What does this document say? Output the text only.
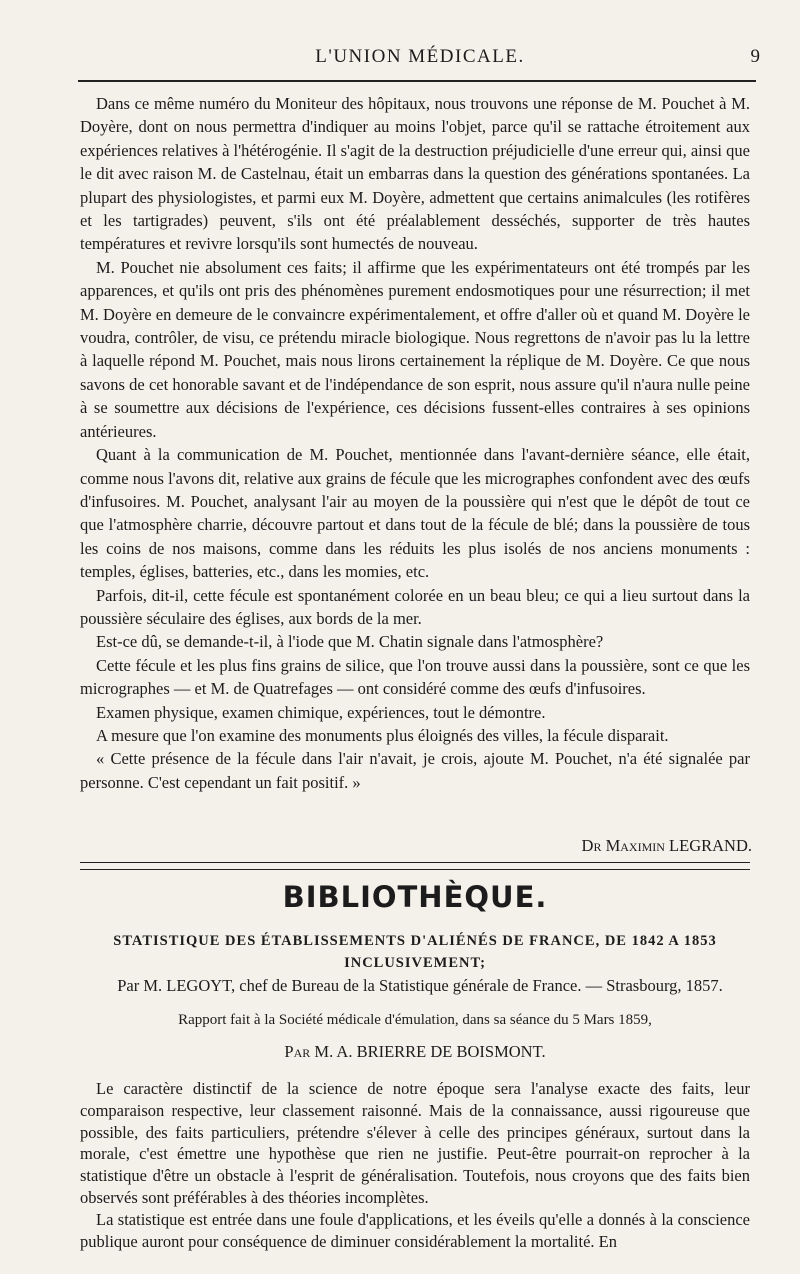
L'UNION MÉDICALE.	9

Dans ce même numéro du Moniteur des hôpitaux, nous trouvons une réponse de M. Pouchet à M. Doyère, dont on nous permettra d'indiquer au moins l'objet, parce qu'il se rattache étroitement aux expériences relatives à l'hétérogénie. Il s'agit de la destruction préjudicielle d'une erreur qui, ainsi que le dit avec raison M. de Castelnau, était un embarras dans la question des générations spontanées. La plupart des physiologistes, et parmi eux M. Doyère, admettent que certains animalcules (les rotifères et les tartigrades) peuvent, s'ils ont été préalablement desséchés, supporter de très hautes températures et revivre lorsqu'ils sont humectés de nouveau.

M. Pouchet nie absolument ces faits; il affirme que les expérimentateurs ont été trompés par les apparences, et qu'ils ont pris des phénomènes purement endosmotiques pour une résurrection; il met M. Doyère en demeure de le convaincre expérimentalement, et offre d'aller où et quand M. Doyère le voudra, contrôler, de visu, ce prétendu miracle biologique. Nous regrettons de n'avoir pas lu la lettre à laquelle répond M. Pouchet, mais nous lirons certainement la réplique de M. Doyère. Ce que nous savons de cet honorable savant et de l'indépendance de son esprit, nous assure qu'il n'aura nulle peine à se soumettre aux décisions de l'expérience, ces décisions fussent-elles contraires à ses opinions antérieures.

Quant à la communication de M. Pouchet, mentionnée dans l'avant-dernière séance, elle était, comme nous l'avons dit, relative aux grains de fécule que les micrographes confondent avec des œufs d'infusoires. M. Pouchet, analysant l'air au moyen de la poussière qui n'est que le dépôt de tout ce que l'atmosphère charrie, découvre partout et dans tout de la fécule de blé; dans la poussière de tous les coins de nos maisons, comme dans les réduits les plus isolés de nos anciens monuments : temples, églises, batteries, etc., dans les momies, etc.

Parfois, dit-il, cette fécule est spontanément colorée en un beau bleu; ce qui a lieu surtout dans la poussière séculaire des églises, aux bords de la mer.

Est-ce dû, se demande-t-il, à l'iode que M. Chatin signale dans l'atmosphère?

Cette fécule et les plus fins grains de silice, que l'on trouve aussi dans la poussière, sont ce que les micrographes — et M. de Quatrefages — ont considéré comme des œufs d'infusoires.

Examen physique, examen chimique, expériences, tout le démontre.

A mesure que l'on examine des monuments plus éloignés des villes, la fécule disparait.

« Cette présence de la fécule dans l'air n'avait, je crois, ajoute M. Pouchet, n'a été signalée par personne. C'est cependant un fait positif. »

Dr Maximin LEGRAND.
BIBLIOTHÈQUE.
STATISTIQUE DES ÉTABLISSEMENTS D'ALIÉNÉS DE FRANCE, DE 1842 A 1853 INCLUSIVEMENT;
Par M. LEGOYT, chef de Bureau de la Statistique générale de France. — Strasbourg, 1857.
Rapport fait à la Société médicale d'émulation, dans sa séance du 5 Mars 1859,
Par M. A. BRIERRE DE BOISMONT.

Le caractère distinctif de la science de notre époque sera l'analyse exacte des faits, leur comparaison respective, leur classement raisonné. Mais de la connaissance, aussi rigoureuse que possible, des faits particuliers, prétendre s'élever à celle des principes généraux, surtout dans la morale, c'est émettre une hypothèse que rien ne justifie. Peut-être pourrait-on reprocher à la statistique d'être un obstacle à l'esprit de généralisation. Toutefois, nous croyons que des faits bien observés sont préférables à des théories incomplètes.

La statistique est entrée dans une foule d'applications, et les éveils qu'elle a donnés à la conscience publique auront pour conséquence de diminuer considérablement la mortalité. En
